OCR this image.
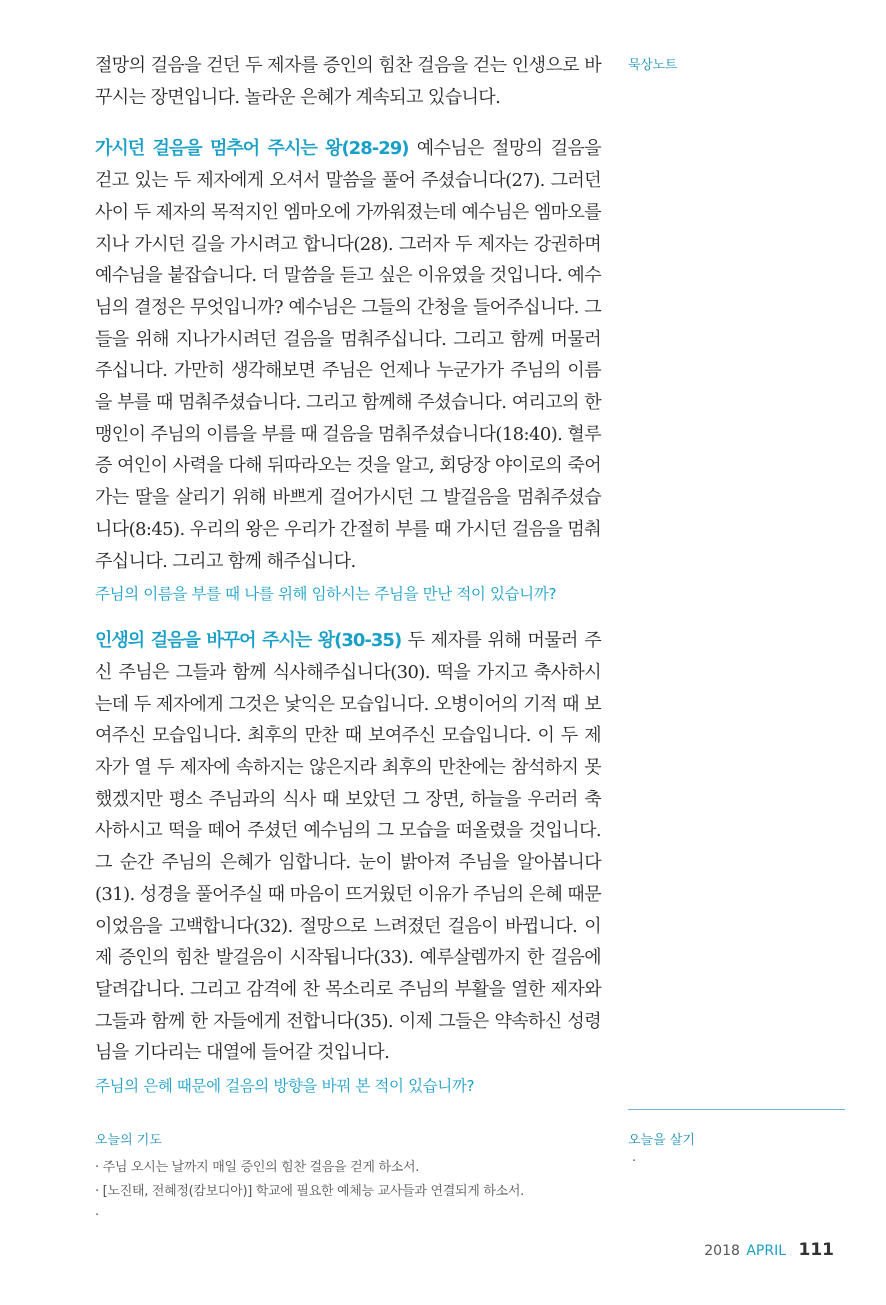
절망의 걸음을 걷던 두 제자를 증인의 힘찬 걸음을 걷는 인생으로 바꾸시는 장면입니다. 놀라운 은혜가 계속되고 있습니다.

가시던 걸음을 멈추어 주시는 왕(28-29) 예수님은 절망의 걸음을 걷고 있는 두 제자에게 오셔서 말씀을 풀어 주셨습니다(27). 그러던 사이 두 제자의 목적지인 엠마오에 가까워졌는데 예수님은 엠마오를 지나 가시던 길을 가시려고 합니다(28). 그러자 두 제자는 강권하며 예수님을 붙잡습니다. 더 말씀을 듣고 싶은 이유였을 것입니다. 예수님의 결정은 무엇입니까? 예수님은 그들의 간청을 들어주십니다. 그들을 위해 지나가시려던 걸음을 멈춰주십니다. 그리고 함께 머물러 주십니다. 가만히 생각해보면 주님은 언제나 누군가가 주님의 이름을 부를 때 멈춰주셨습니다. 그리고 함께해 주셨습니다. 여리고의 한 맹인이 주님의 이름을 부를 때 걸음을 멈춰주셨습니다(18:40). 혈루증 여인이 사력을 다해 뒤따라오는 것을 알고, 회당장 야이로의 죽어가는 딸을 살리기 위해 바쁘게 걸어가시던 그 발걸음을 멈춰주셨습니다(8:45). 우리의 왕은 우리가 간절히 부를 때 가시던 걸음을 멈춰 주십니다. 그리고 함께 해주십니다.

주님의 이름을 부를 때 나를 위해 임하시는 주님을 만난 적이 있습니까?

인생의 걸음을 바꾸어 주시는 왕(30-35) 두 제자를 위해 머물러 주신 주님은 그들과 함께 식사해주십니다(30). 떡을 가지고 축사하시는데 두 제자에게 그것은 낯익은 모습입니다. 오병이어의 기적 때 보여주신 모습입니다. 최후의 만찬 때 보여주신 모습입니다. 이 두 제자가 열 두 제자에 속하지는 않은지라 최후의 만찬에는 참석하지 못했겠지만 평소 주님과의 식사 때 보았던 그 장면, 하늘을 우러러 축사하시고 떡을 떼어 주셨던 예수님의 그 모습을 떠올렸을 것입니다. 그 순간 주님의 은혜가 임합니다. 눈이 밝아져 주님을 알아봅니다(31). 성경을 풀어주실 때 마음이 뜨거웠던 이유가 주님의 은혜 때문이었음을 고백합니다(32). 절망으로 느려졌던 걸음이 바뀝니다. 이제 증인의 힘찬 발걸음이 시작됩니다(33). 예루살렘까지 한 걸음에 달려갑니다. 그리고 감격에 찬 목소리로 주님의 부활을 열한 제자와 그들과 함께 한 자들에게 전합니다(35). 이제 그들은 약속하신 성령님을 기다리는 대열에 들어갈 것입니다.

주님의 은혜 때문에 걸음의 방향을 바꿔 본 적이 있습니까?

묵상노트
오늘의 기도
· 주님 오시는 날까지 매일 증인의 힘찬 걸음을 걷게 하소서.
· [노진태, 전혜정(캄보디아)] 학교에 필요한 예체능 교사들과 연결되게 하소서.
·
오늘을 살기
·
2018 APRIL 111
